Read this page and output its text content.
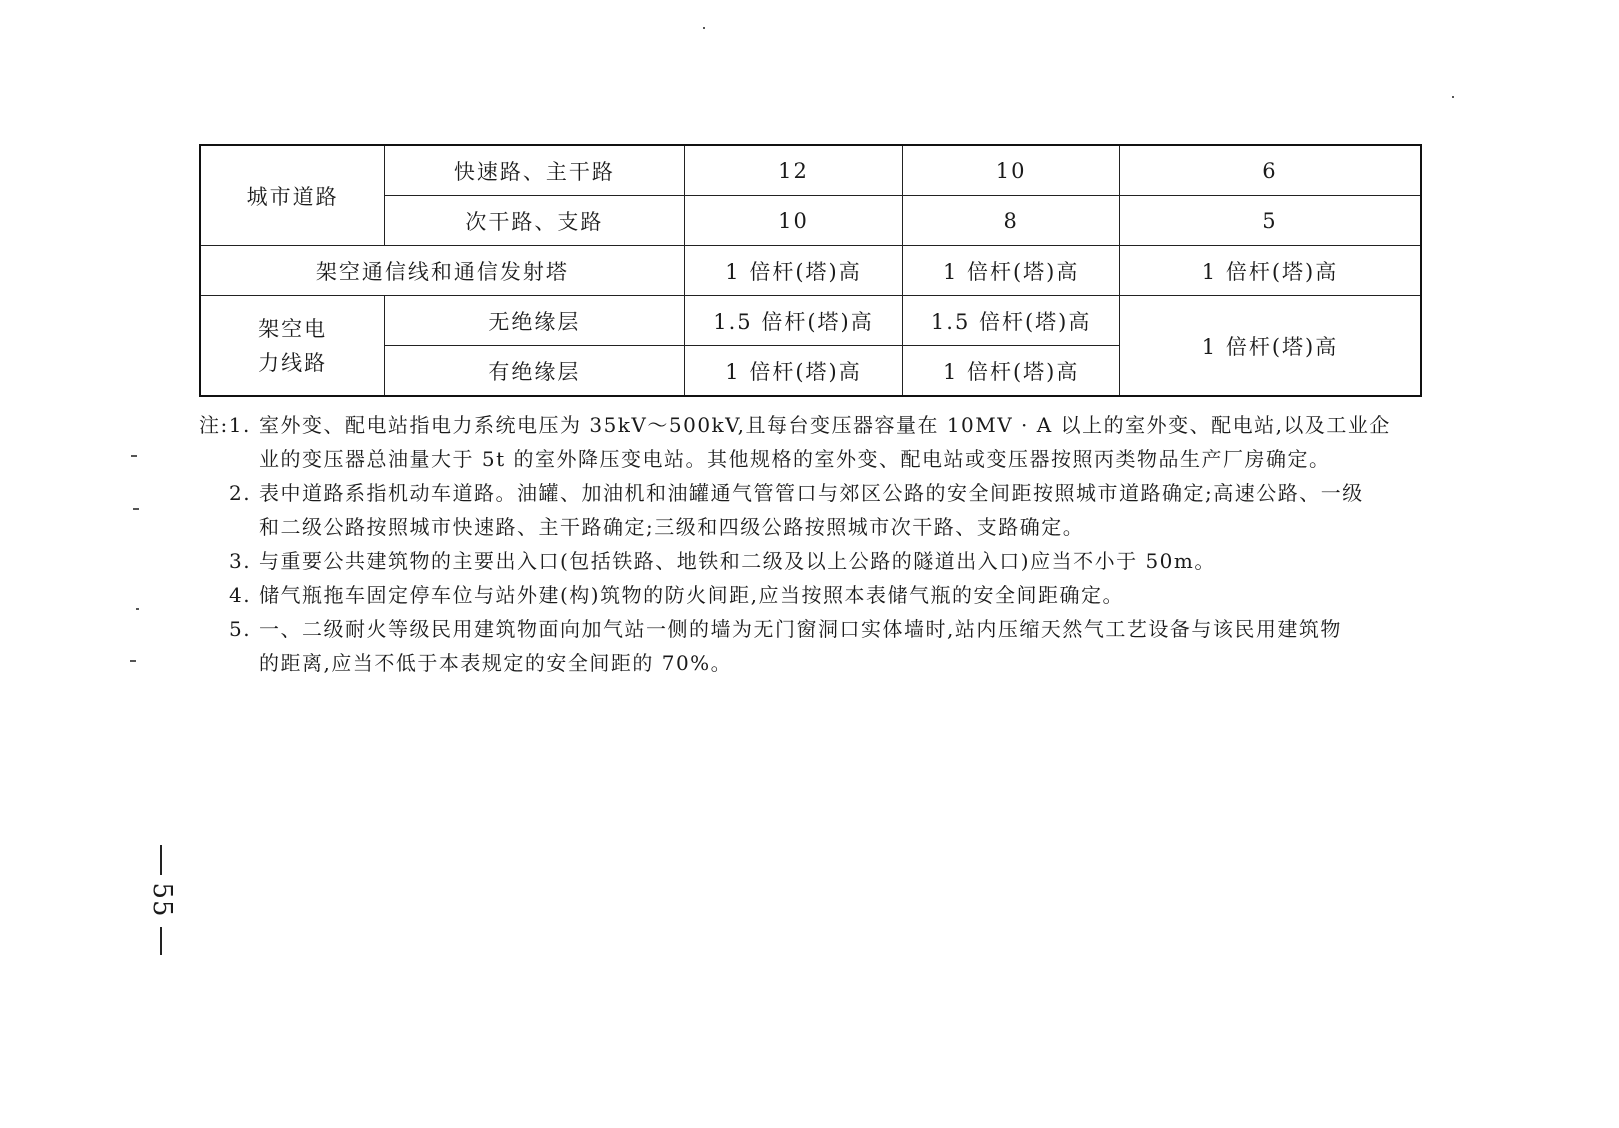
城市道路	快速路、主干路	12	10	6
	次干路、支路	10	8	5
架空通信线和通信发射塔		1 倍杆(塔)高	1 倍杆(塔)高	1 倍杆(塔)高

架空电
力线路	无绝缘层	1.5 倍杆(塔)高	1.5 倍杆(塔)高	1 倍杆(塔)高
	有绝缘层	1 倍杆(塔)高	1 倍杆(塔)高	
注:1. 室外变、配电站指电力系统电压为 35kV～500kV,且每台变压器容量在 10MV · A 以上的室外变、配电站,以及工业企
业的变压器总油量大于 5t 的室外降压变电站。其他规格的室外变、配电站或变压器按照丙类物品生产厂房确定。
2. 表中道路系指机动车道路。油罐、加油机和油罐通气管管口与郊区公路的安全间距按照城市道路确定;高速公路、一级
和二级公路按照城市快速路、主干路确定;三级和四级公路按照城市次干路、支路确定。
3. 与重要公共建筑物的主要出入口(包括铁路、地铁和二级及以上公路的隧道出入口)应当不小于 50m。
4. 储气瓶拖车固定停车位与站外建(构)筑物的防火间距,应当按照本表储气瓶的安全间距确定。
5. 一、二级耐火等级民用建筑物面向加气站一侧的墙为无门窗洞口实体墙时,站内压缩天然气工艺设备与该民用建筑物
的距离,应当不低于本表规定的安全间距的 70%。
55
